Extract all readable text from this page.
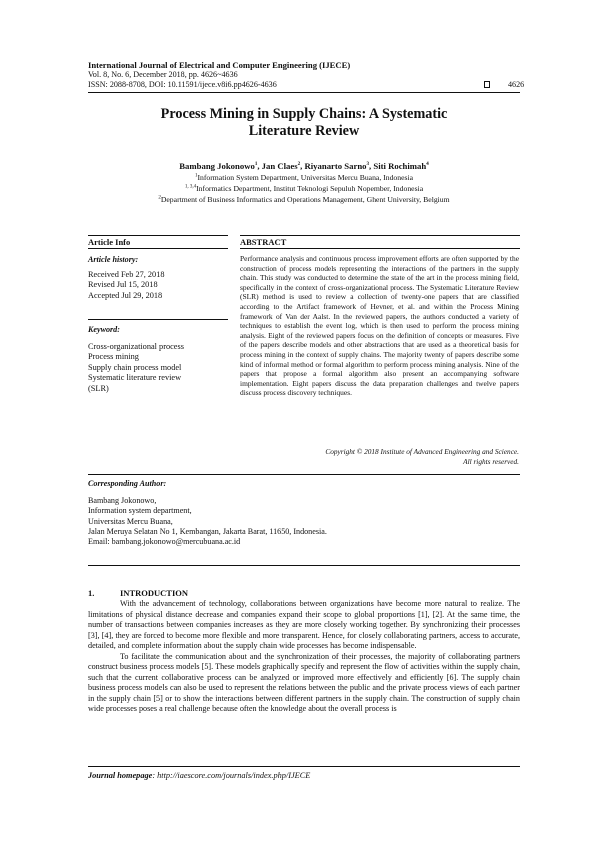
International Journal of Electrical and Computer Engineering (IJECE)
Vol. 8, No. 6, December 2018, pp. 4626~4636
ISSN: 2088-8708, DOI: 10.11591/ijece.v8i6.pp4626-4636	4626
Process Mining in Supply Chains: A Systematic
Literature Review
Bambang Jokonowo$^1$, Jan Claes$^2$, Riyanarto Sarno$^3$, Siti Rochimah$^4$
$^1$Information System Department, Universitas Mercu Buana, Indonesia
$^{1, 3,4}$Informatics Department, Institut Teknologi Sepuluh Nopember, Indonesia
$^2$Department of Business Informatics and Operations Management, Ghent University, Belgium
Article Info	ABSTRACT
Article history:
Received Feb 27, 2018
Revised Jul 15, 2018
Accepted Jul 29, 2018
Keyword:
Cross-organizational process
Process mining
Supply chain process model
Systematic literature review
(SLR)
Performance analysis and continuous process improvement efforts are often supported by the construction of process models representing the interactions of the partners in the supply chain. This study was conducted to determine the state of the art in the process mining field, specifically in the context of cross-organizational process. The Systematic Literature Review (SLR) method is used to review a collection of twenty-one papers that are classified according to the Artifact framework of Hevner, et al. and within the Process Mining framework of Van der Aalst. In the reviewed papers, the authors conducted a variety of techniques to establish the event log, which is then used to perform the process mining analysis. Eight of the reviewed papers focus on the definition of concepts or measures. Five of the papers describe models and other abstractions that are used as a theoretical basis for process mining in the context of supply chains. The majority twenty of papers describe some kind of informal method or formal algorithm to perform process mining analysis. Nine of the papers that propose a formal algorithm also present an accompanying software implementation. Eight papers discuss the data preparation challenges and twelve papers discuss process discovery techniques.
Copyright © 2018 Institute of Advanced Engineering and Science.
All rights reserved.
Corresponding Author:
Bambang Jokonowo,
Information system department,
Universitas Mercu Buana,
Jalan Meruya Selatan No 1, Kembangan, Jakarta Barat, 11650, Indonesia.
Email: bambang.jokonowo@mercubuana.ac.id
1.	INTRODUCTION

With the advancement of technology, collaborations between organizations have become more natural to realize. The limitations of physical distance decrease and companies expand their scope to global proportions [1], [2]. At the same time, the number of transactions between companies increases as they are more closely working together. By synchronizing their processes [3], [4], they are forced to become more flexible and more transparent. Hence, for closely collaborating partners, access to accurate, detailed, and complete information about the supply chain wide processes has become indispensable.

To facilitate the communication about and the synchronization of their processes, the majority of collaborating partners construct business process models [5]. These models graphically specify and represent the flow of activities within the supply chain, such that the current collaborative process can be analyzed or improved more effectively and efficiently [6]. The supply chain business process models can also be used to represent the relations between the public and the private process views of each partner in the supply chain [5] or to show the interactions between different partners in the supply chain. The construction of supply chain wide processes poses a real challenge because often the knowledge about the overall process is

Journal homepage: http://iaescore.com/journals/index.php/IJECE
